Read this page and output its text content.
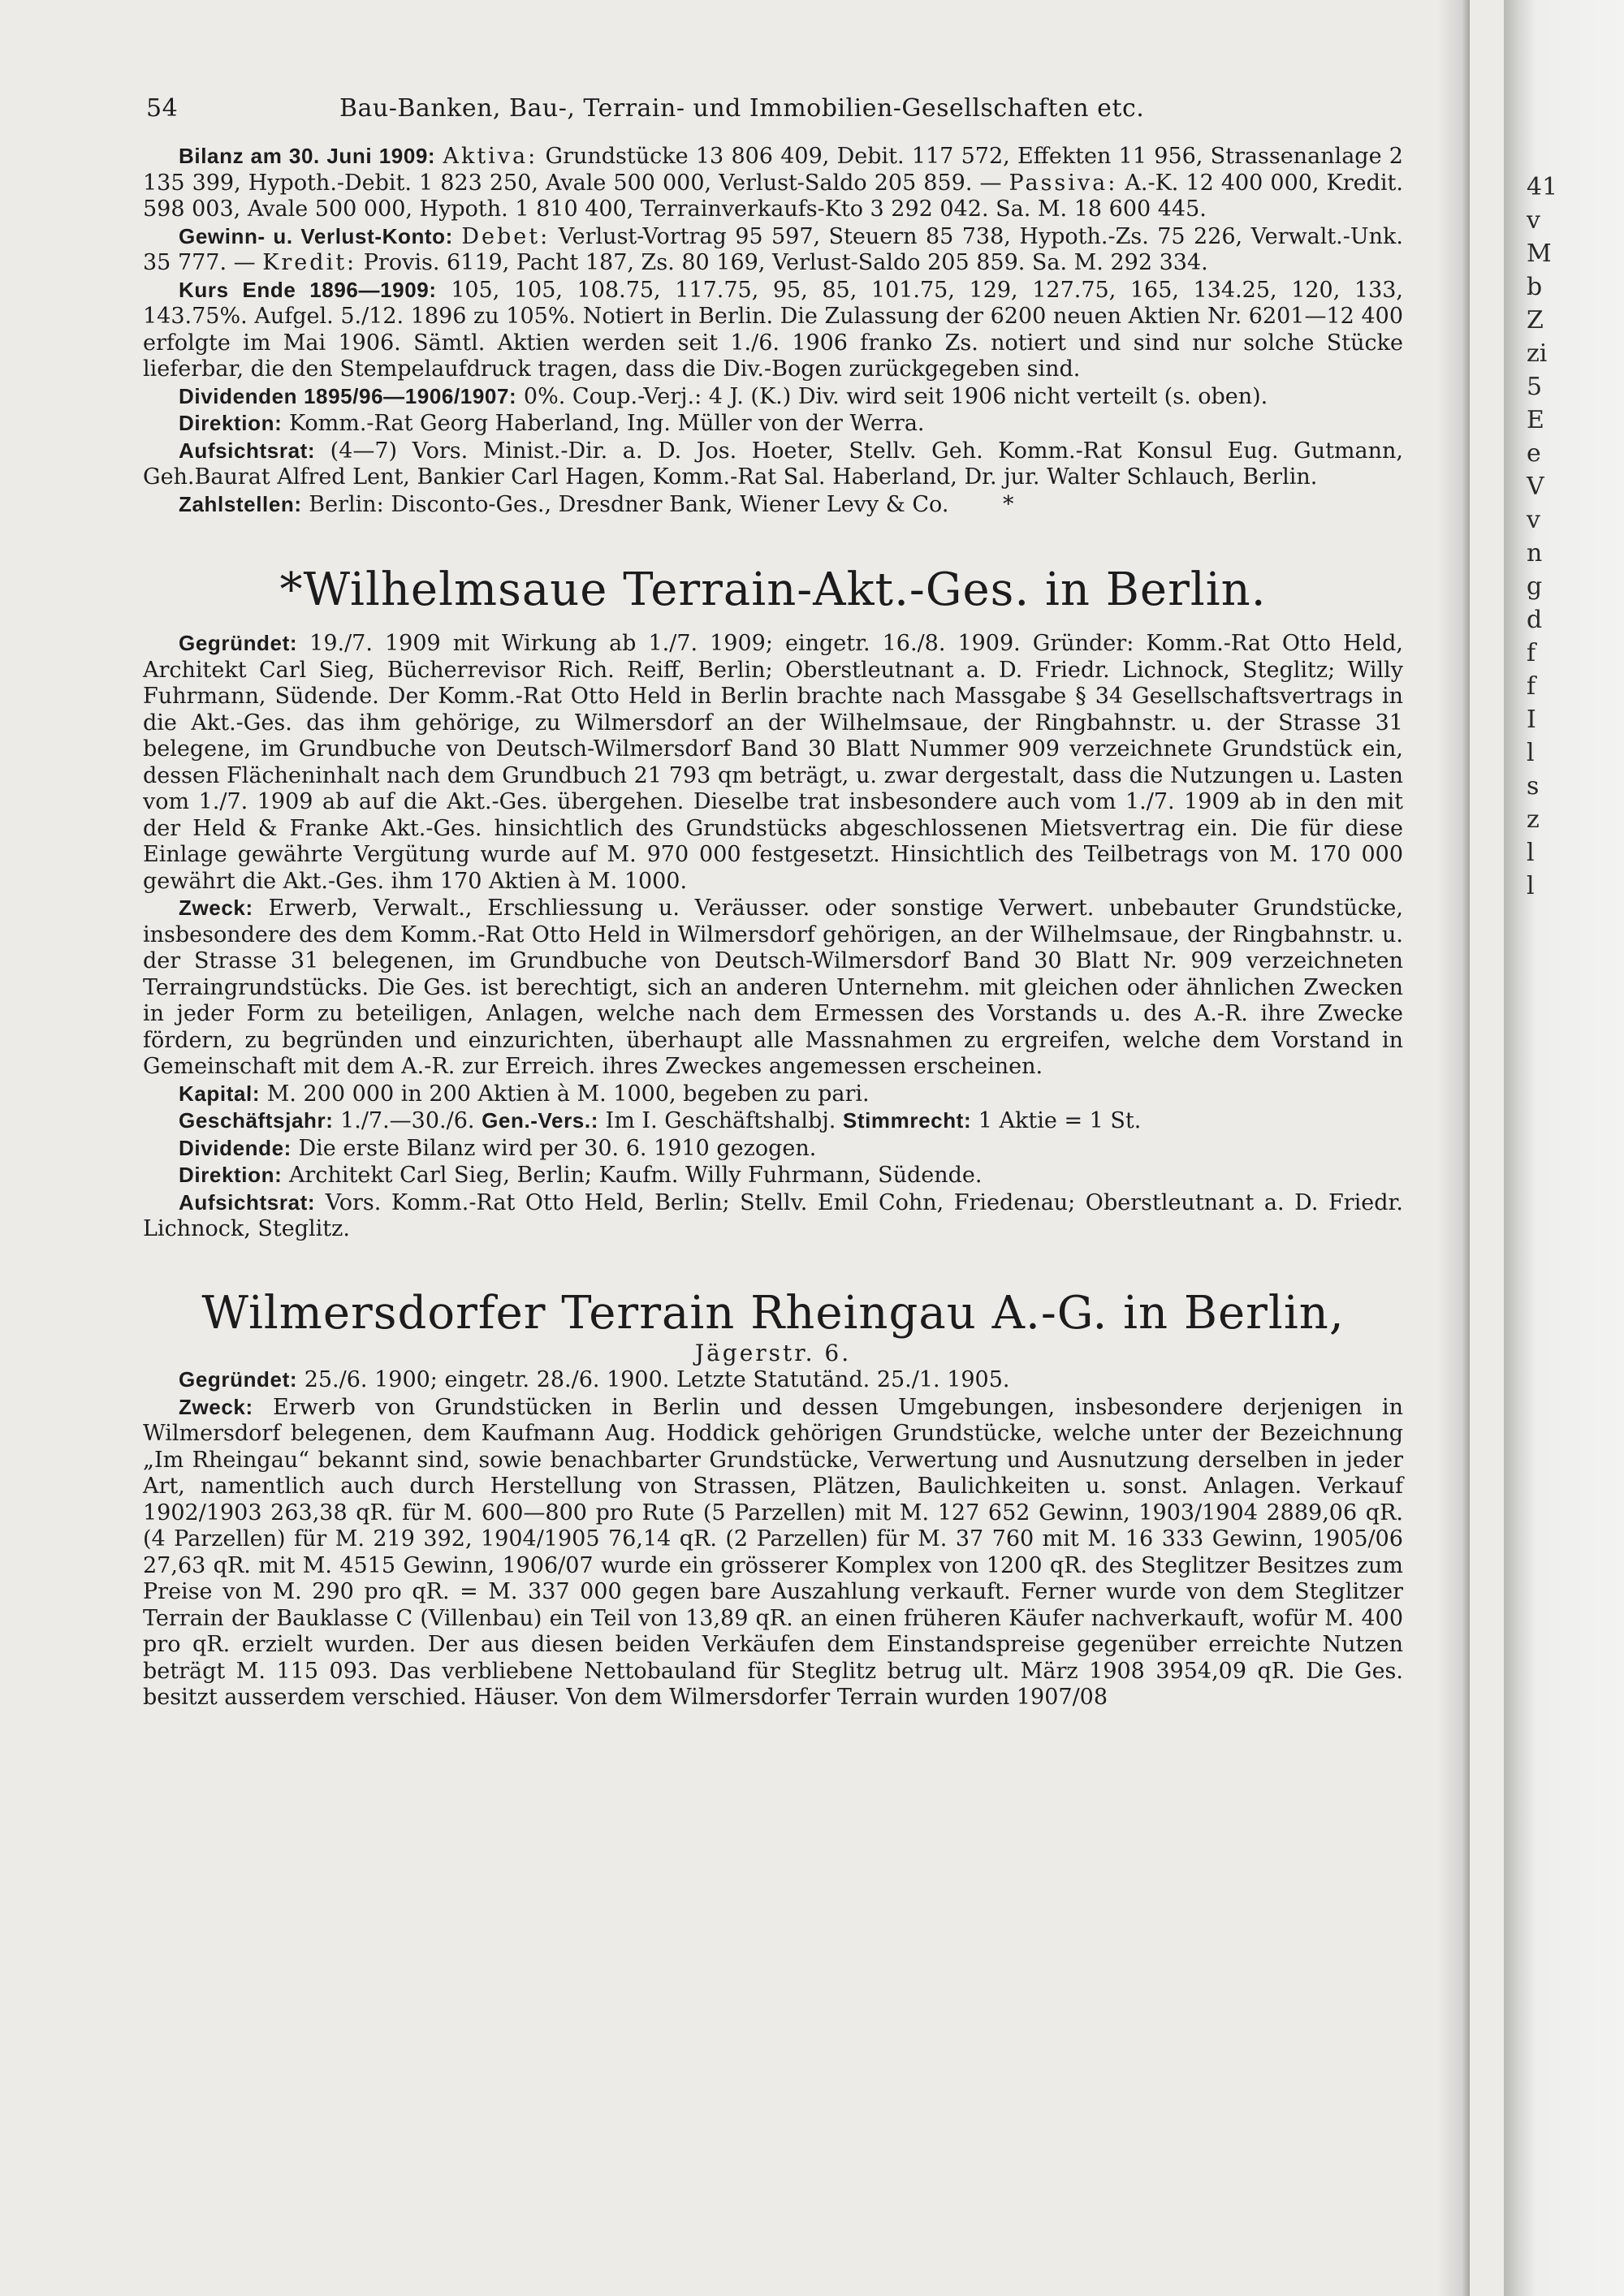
41
v
M
b
Z
zi
5
E
e
V
v
n
g
d
f
f
I
l
s
z
l
l
54	Bau-Banken, Bau-, Terrain- und Immobilien-Gesellschaften etc.

Bilanz am 30. Juni 1909: Aktiva: Grundstücke 13 806 409, Debit. 117 572, Effekten 11 956, Strassenanlage 2 135 399, Hypoth.-Debit. 1 823 250, Avale 500 000, Verlust-Saldo 205 859. — Passiva: A.-K. 12 400 000, Kredit. 598 003, Avale 500 000, Hypoth. 1 810 400, Terrainverkaufs-Kto 3 292 042. Sa. M. 18 600 445.

Gewinn- u. Verlust-Konto: Debet: Verlust-Vortrag 95 597, Steuern 85 738, Hypoth.-Zs. 75 226, Verwalt.-Unk. 35 777. — Kredit: Provis. 6119, Pacht 187, Zs. 80 169, Verlust-Saldo 205 859. Sa. M. 292 334.

Kurs Ende 1896—1909: 105, 105, 108.75, 117.75, 95, 85, 101.75, 129, 127.75, 165, 134.25, 120, 133, 143.75%. Aufgel. 5./12. 1896 zu 105%. Notiert in Berlin. Die Zulassung der 6200 neuen Aktien Nr. 6201—12 400 erfolgte im Mai 1906. Sämtl. Aktien werden seit 1./6. 1906 franko Zs. notiert und sind nur solche Stücke lieferbar, die den Stempelaufdruck tragen, dass die Div.-Bogen zurückgegeben sind.

Dividenden 1895/96—1906/1907: 0%. Coup.-Verj.: 4 J. (K.) Div. wird seit 1906 nicht verteilt (s. oben).

Direktion: Komm.-Rat Georg Haberland, Ing. Müller von der Werra.

Aufsichtsrat: (4—7) Vors. Minist.-Dir. a. D. Jos. Hoeter, Stellv. Geh. Komm.-Rat Konsul Eug. Gutmann, Geh.Baurat Alfred Lent, Bankier Carl Hagen, Komm.-Rat Sal. Haberland, Dr. jur. Walter Schlauch, Berlin.

Zahlstellen: Berlin: Disconto-Ges., Dresdner Bank, Wiener Levy & Co. *

*Wilhelmsaue Terrain-Akt.-Ges. in Berlin.

Gegründet: 19./7. 1909 mit Wirkung ab 1./7. 1909; eingetr. 16./8. 1909. Gründer: Komm.-Rat Otto Held, Architekt Carl Sieg, Bücherrevisor Rich. Reiff, Berlin; Oberstleutnant a. D. Friedr. Lichnock, Steglitz; Willy Fuhrmann, Südende. Der Komm.-Rat Otto Held in Berlin brachte nach Massgabe § 34 Gesellschaftsvertrags in die Akt.-Ges. das ihm gehörige, zu Wilmersdorf an der Wilhelmsaue, der Ringbahnstr. u. der Strasse 31 belegene, im Grundbuche von Deutsch-Wilmersdorf Band 30 Blatt Nummer 909 verzeichnete Grundstück ein, dessen Flächeninhalt nach dem Grundbuch 21 793 qm beträgt, u. zwar dergestalt, dass die Nutzungen u. Lasten vom 1./7. 1909 ab auf die Akt.-Ges. übergehen. Dieselbe trat insbesondere auch vom 1./7. 1909 ab in den mit der Held & Franke Akt.-Ges. hinsichtlich des Grundstücks abgeschlossenen Mietsvertrag ein. Die für diese Einlage gewährte Vergütung wurde auf M. 970 000 festgesetzt. Hinsichtlich des Teilbetrags von M. 170 000 gewährt die Akt.-Ges. ihm 170 Aktien à M. 1000.

Zweck: Erwerb, Verwalt., Erschliessung u. Veräusser. oder sonstige Verwert. unbebauter Grundstücke, insbesondere des dem Komm.-Rat Otto Held in Wilmersdorf gehörigen, an der Wilhelmsaue, der Ringbahnstr. u. der Strasse 31 belegenen, im Grundbuche von Deutsch-Wilmersdorf Band 30 Blatt Nr. 909 verzeichneten Terraingrundstücks. Die Ges. ist berechtigt, sich an anderen Unternehm. mit gleichen oder ähnlichen Zwecken in jeder Form zu beteiligen, Anlagen, welche nach dem Ermessen des Vorstands u. des A.-R. ihre Zwecke fördern, zu begründen und einzurichten, überhaupt alle Massnahmen zu ergreifen, welche dem Vorstand in Gemeinschaft mit dem A.-R. zur Erreich. ihres Zweckes angemessen erscheinen.

Kapital: M. 200 000 in 200 Aktien à M. 1000, begeben zu pari.

Geschäftsjahr: 1./7.—30./6. Gen.-Vers.: Im I. Geschäftshalbj. Stimmrecht: 1 Aktie = 1 St.

Dividende: Die erste Bilanz wird per 30. 6. 1910 gezogen.

Direktion: Architekt Carl Sieg, Berlin; Kaufm. Willy Fuhrmann, Südende.

Aufsichtsrat: Vors. Komm.-Rat Otto Held, Berlin; Stellv. Emil Cohn, Friedenau; Oberstleutnant a. D. Friedr. Lichnock, Steglitz.

Wilmersdorfer Terrain Rheingau A.-G. in Berlin,

Jägerstr. 6.

Gegründet: 25./6. 1900; eingetr. 28./6. 1900. Letzte Statutänd. 25./1. 1905.

Zweck: Erwerb von Grundstücken in Berlin und dessen Umgebungen, insbesondere derjenigen in Wilmersdorf belegenen, dem Kaufmann Aug. Hoddick gehörigen Grundstücke, welche unter der Bezeichnung „Im Rheingau“ bekannt sind, sowie benachbarter Grundstücke, Verwertung und Ausnutzung derselben in jeder Art, namentlich auch durch Herstellung von Strassen, Plätzen, Baulichkeiten u. sonst. Anlagen. Verkauf 1902/1903 263,38 qR. für M. 600—800 pro Rute (5 Parzellen) mit M. 127 652 Gewinn, 1903/1904 2889,06 qR. (4 Parzellen) für M. 219 392, 1904/1905 76,14 qR. (2 Parzellen) für M. 37 760 mit M. 16 333 Gewinn, 1905/06 27,63 qR. mit M. 4515 Gewinn, 1906/07 wurde ein grösserer Komplex von 1200 qR. des Steglitzer Besitzes zum Preise von M. 290 pro qR. = M. 337 000 gegen bare Auszahlung verkauft. Ferner wurde von dem Steglitzer Terrain der Bauklasse C (Villenbau) ein Teil von 13,89 qR. an einen früheren Käufer nachverkauft, wofür M. 400 pro qR. erzielt wurden. Der aus diesen beiden Verkäufen dem Einstandspreise gegenüber erreichte Nutzen beträgt M. 115 093. Das verbliebene Nettobauland für Steglitz betrug ult. März 1908 3954,09 qR. Die Ges. besitzt ausserdem verschied. Häuser. Von dem Wilmersdorfer Terrain wurden 1907/08
